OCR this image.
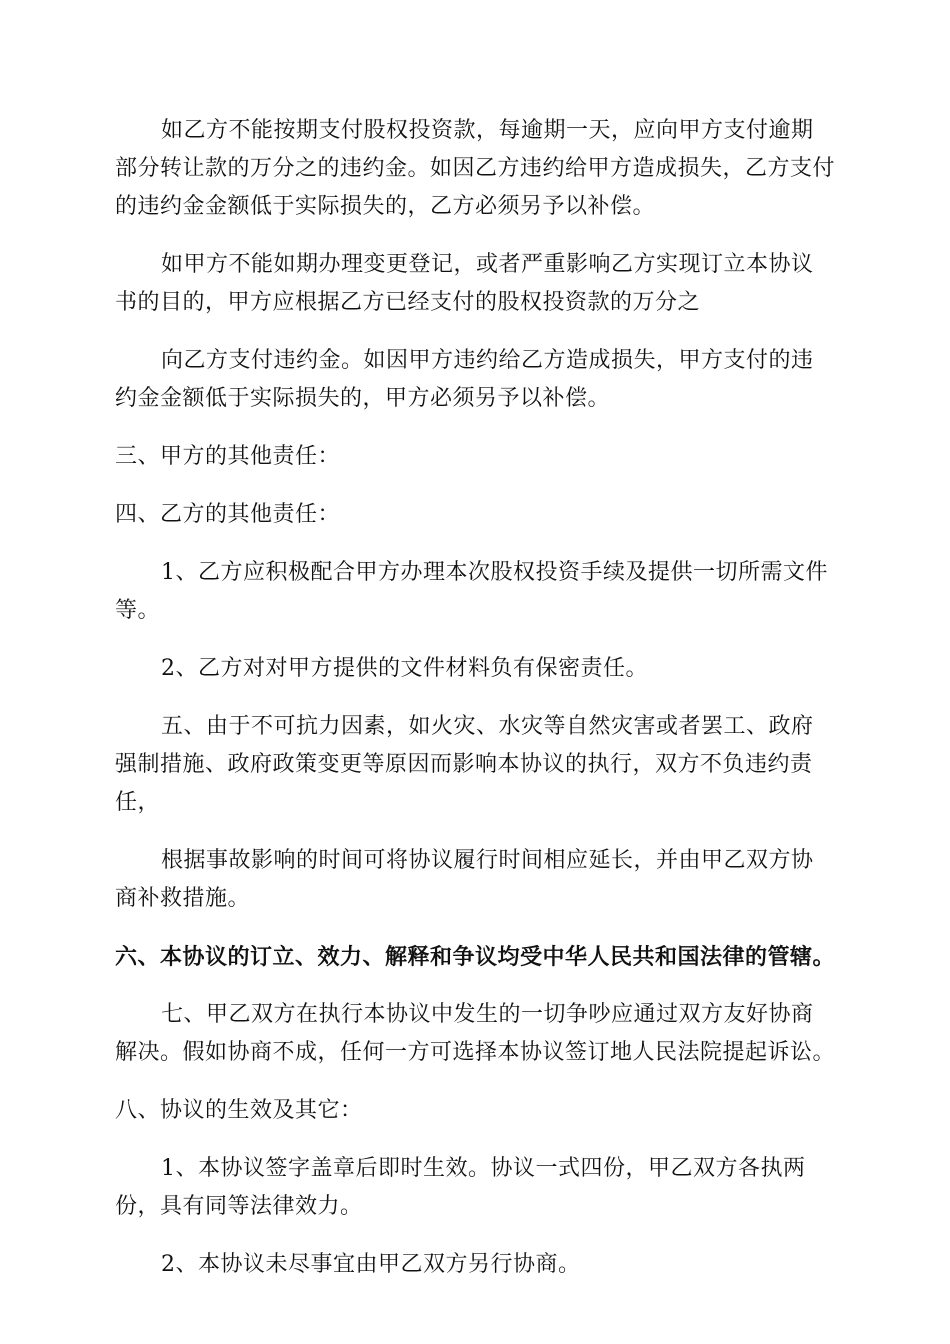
如乙方不能按期支付股权投资款，每逾期一天，应向甲方支付逾期部分转让款的万分之的违约金。如因乙方违约给甲方造成损失，乙方支付的违约金金额低于实际损失的，乙方必须另予以补偿。

如甲方不能如期办理变更登记，或者严重影响乙方实现订立本协议书的目的，甲方应根据乙方已经支付的股权投资款的万分之

向乙方支付违约金。如因甲方违约给乙方造成损失，甲方支付的违约金金额低于实际损失的，甲方必须另予以补偿。

三、甲方的其他责任：

四、乙方的其他责任：

1、乙方应积极配合甲方办理本次股权投资手续及提供一切所需文件等。

2、乙方对对甲方提供的文件材料负有保密责任。

五、由于不可抗力因素，如火灾、水灾等自然灾害或者罢工、政府强制措施、政府政策变更等原因而影响本协议的执行，双方不负违约责任，

根据事故影响的时间可将协议履行时间相应延长，并由甲乙双方协商补救措施。

六、本协议的订立、效力、解释和争议均受中华人民共和国法律的管辖。

七、甲乙双方在执行本协议中发生的一切争吵应通过双方友好协商解决。假如协商不成，任何一方可选择本协议签订地人民法院提起诉讼。

八、协议的生效及其它：

1、本协议签字盖章后即时生效。协议一式四份，甲乙双方各执两份，具有同等法律效力。

2、本协议未尽事宜由甲乙双方另行协商。
